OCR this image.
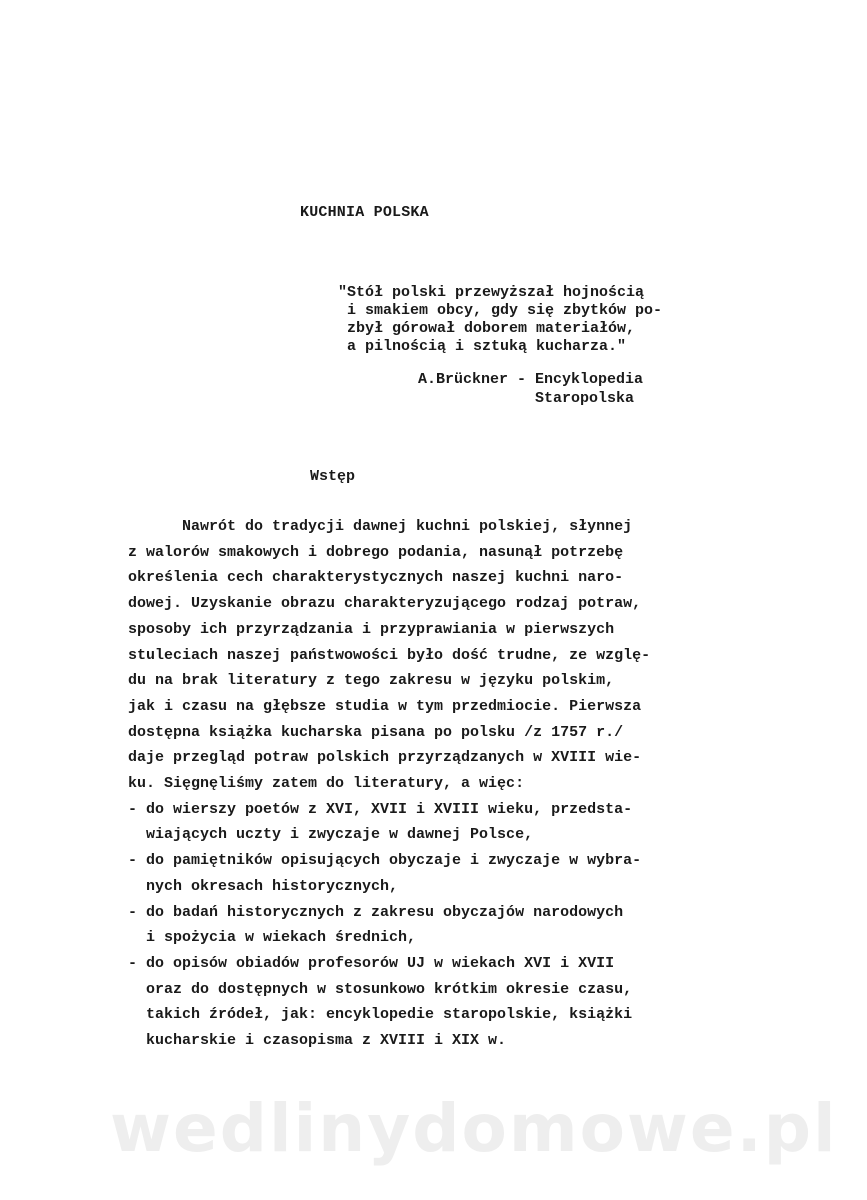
KUCHNIA POLSKA
"Stół polski przewyższał hojnością
i smakiem obcy, gdy się zbytków po-
zbył górował doborem materiałów,
a pilnością i sztuką kucharza."
A.Brückner - Encyklopedia
Staropolska
Wstęp
Nawrót do tradycji dawnej kuchni polskiej, słynnej
z walorów smakowych i dobrego podania, nasunął potrzebę
określenia cech charakterystycznych naszej kuchni naro-
dowej. Uzyskanie obrazu charakteryzującego rodzaj potraw,
sposoby ich przyrządzania i przyprawiania w pierwszych
stuleciach naszej państwowości było dość trudne, ze wzglę-
du na brak literatury z tego zakresu w języku polskim,
jak i czasu na głębsze studia w tym przedmiocie. Pierwsza
dostępna książka kucharska pisana po polsku /z 1757 r./
daje przegląd potraw polskich przyrządzanych w XVIII wie-
ku. Sięgnęliśmy zatem do literatury, a więc:
- do wierszy poetów z XVI, XVII i XVIII wieku, przedsta-
wiających uczty i zwyczaje w dawnej Polsce,
- do pamiętników opisujących obyczaje i zwyczaje w wybra-
nych okresach historycznych,
- do badań historycznych z zakresu obyczajów narodowych
i spożycia w wiekach średnich,
- do opisów obiadów profesorów UJ w wiekach XVI i XVII
oraz do dostępnych w stosunkowo krótkim okresie czasu,
takich źródeł, jak: encyklopedie staropolskie, książki
kucharskie i czasopisma z XVIII i XIX w.
wedlinydomowe.pl
